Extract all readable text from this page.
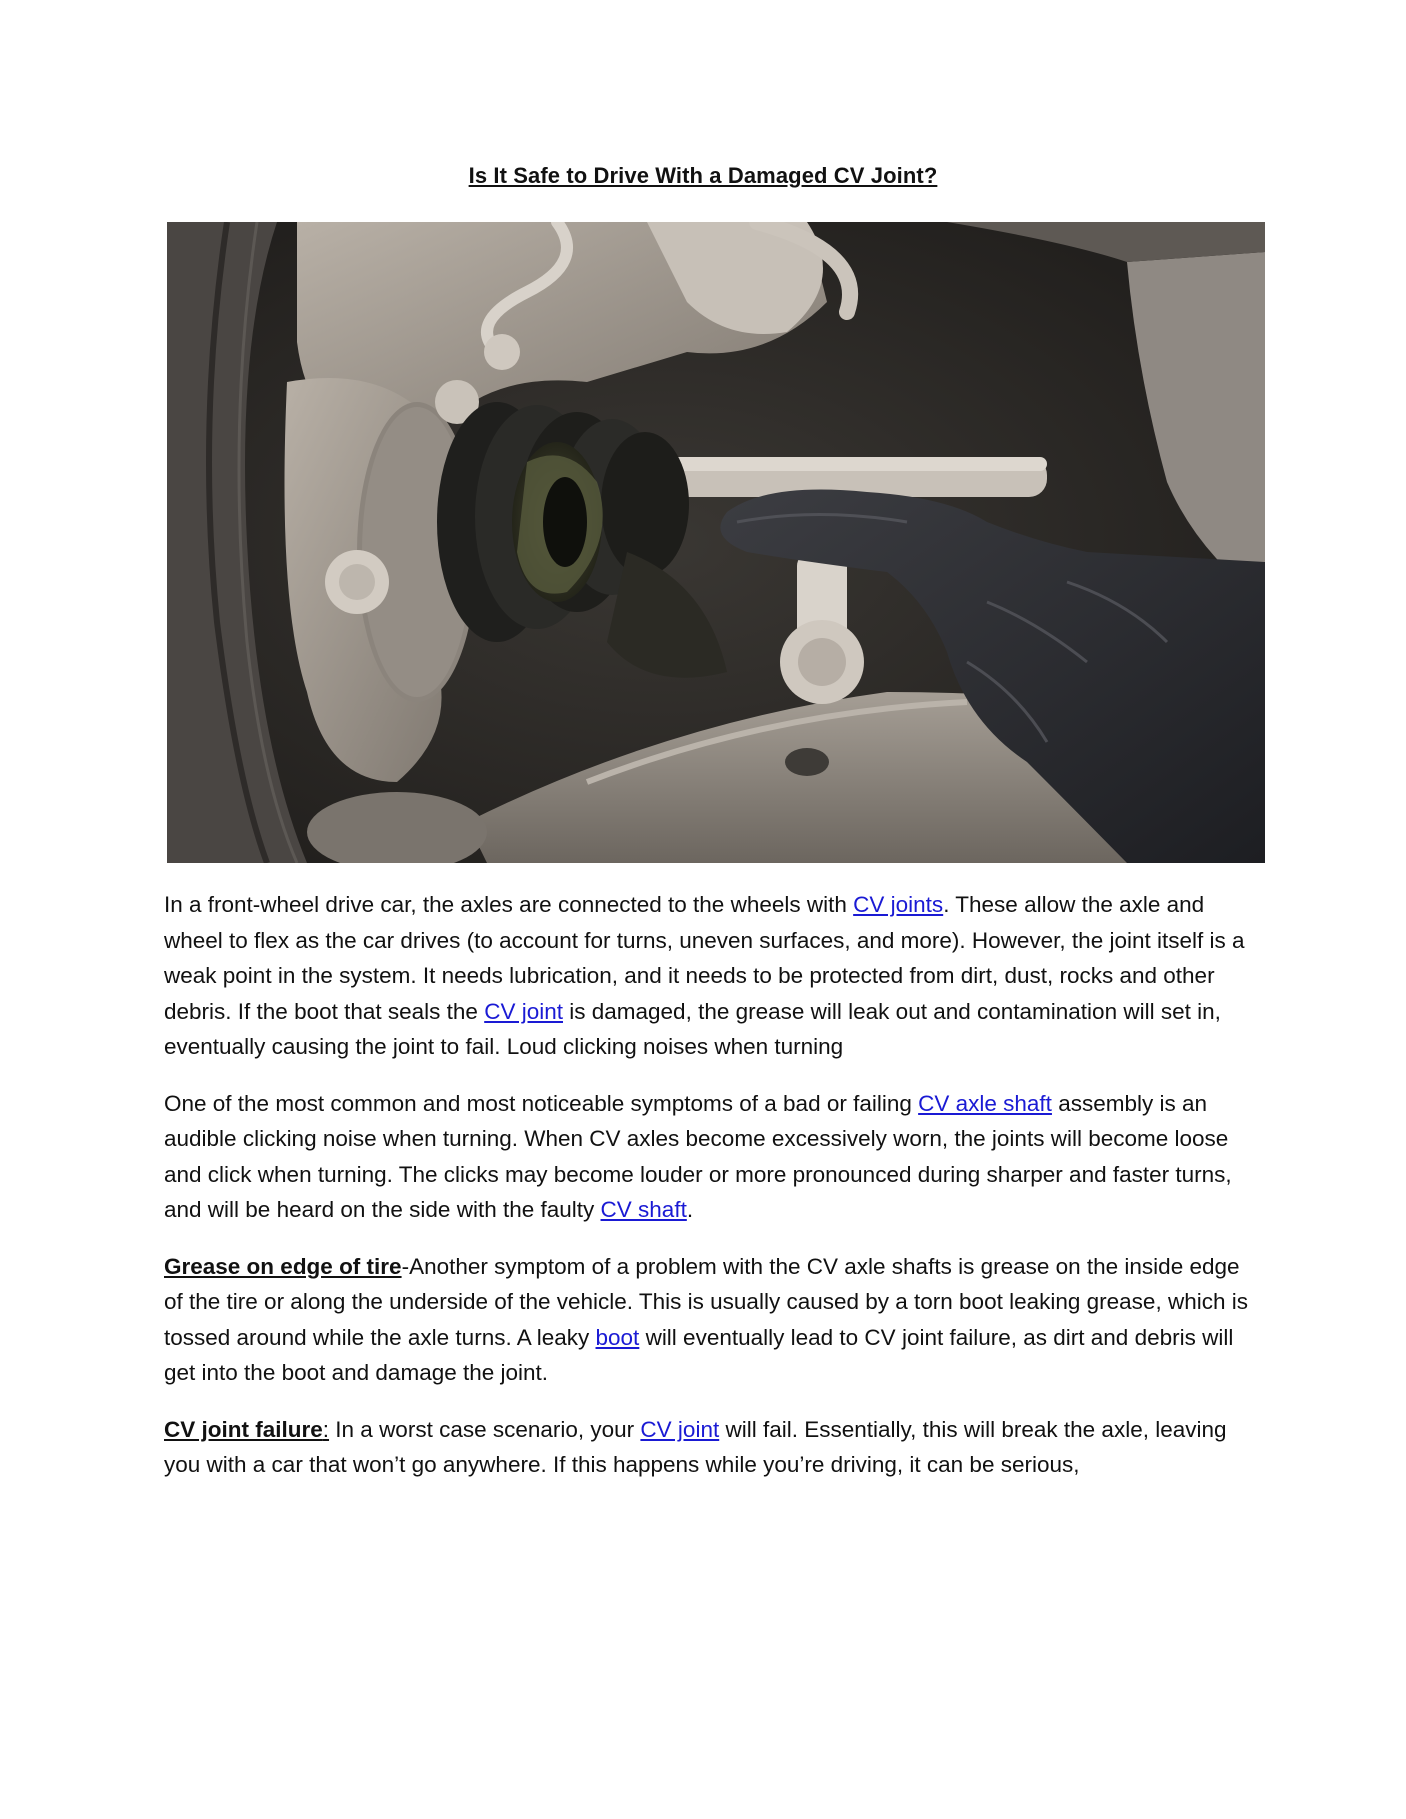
Is It Safe to Drive With a Damaged CV Joint?

In a front-wheel drive car, the axles are connected to the wheels with CV joints. These allow the axle and wheel to flex as the car drives (to account for turns, uneven surfaces, and more). However, the joint itself is a weak point in the system. It needs lubrication, and it needs to be protected from dirt, dust, rocks and other debris. If the boot that seals the CV joint is damaged, the grease will leak out and contamination will set in, eventually causing the joint to fail. Loud clicking noises when turning

One of the most common and most noticeable symptoms of a bad or failing CV axle shaft assembly is an audible clicking noise when turning. When CV axles become excessively worn, the joints will become loose and click when turning. The clicks may become louder or more pronounced during sharper and faster turns, and will be heard on the side with the faulty CV shaft.

Grease on edge of tire-Another symptom of a problem with the CV axle shafts is grease on the inside edge of the tire or along the underside of the vehicle. This is usually caused by a torn boot leaking grease, which is tossed around while the axle turns. A leaky boot will eventually lead to CV joint failure, as dirt and debris will get into the boot and damage the joint.

CV joint failure: In a worst case scenario, your CV joint will fail. Essentially, this will break the axle, leaving you with a car that won’t go anywhere. If this happens while you’re driving, it can be serious,
